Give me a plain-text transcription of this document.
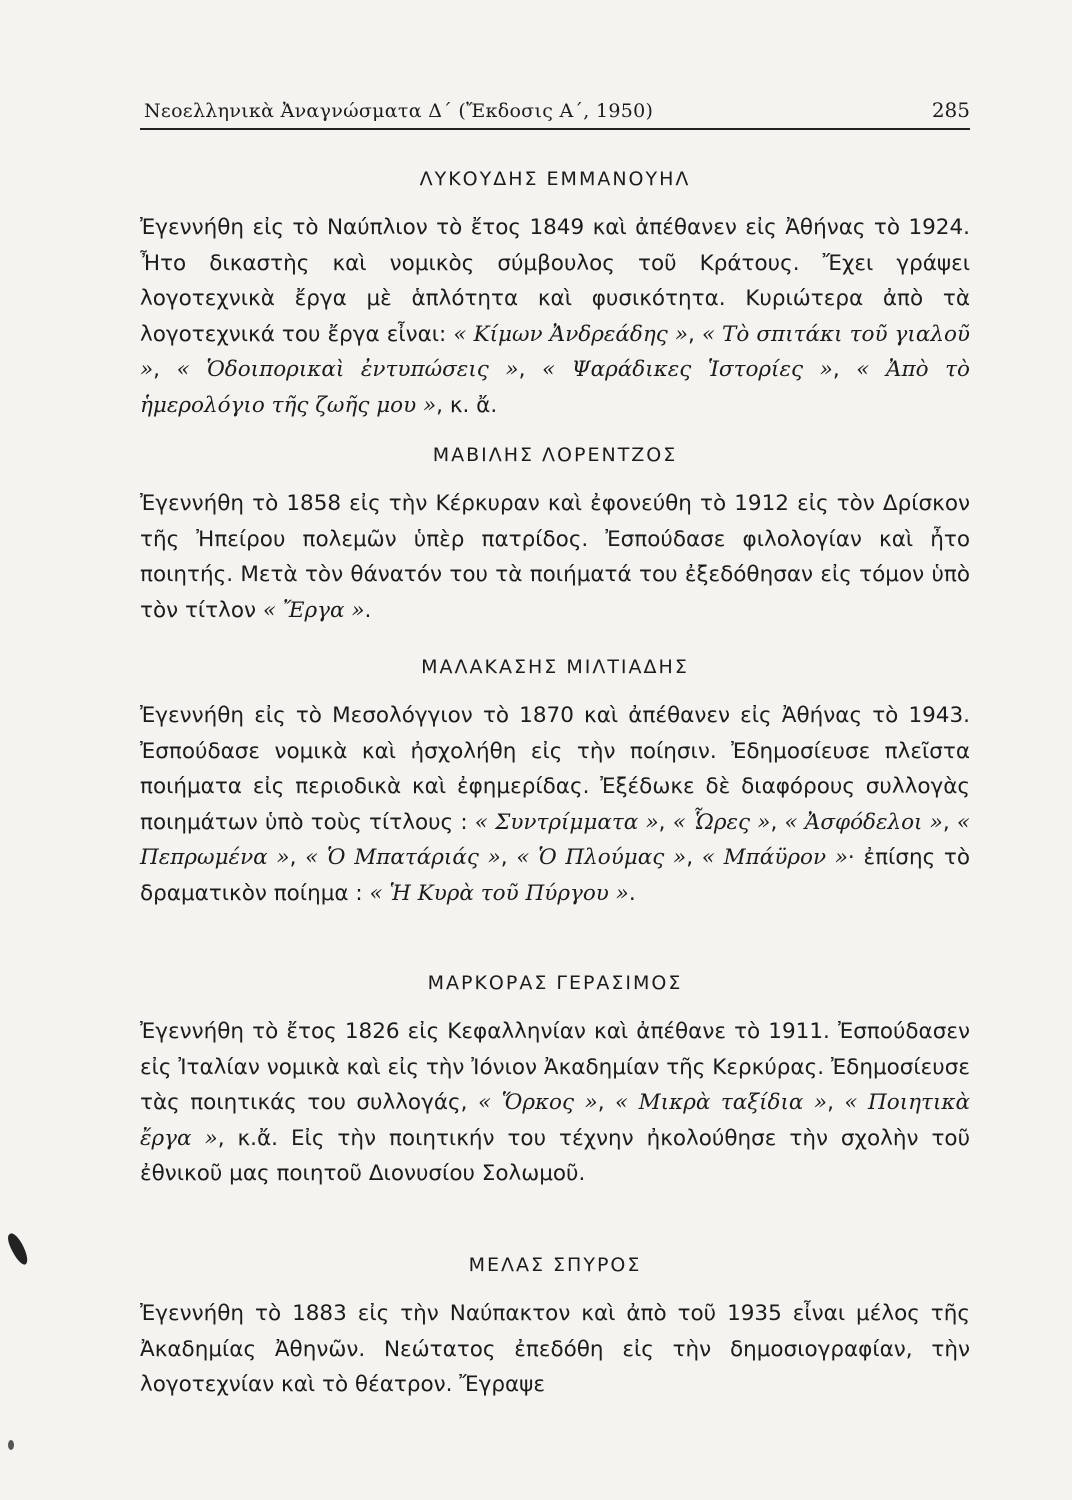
Νεοελληνικὰ Ἀναγνώσματα Δ΄ (Ἔκδοσις Α΄, 1950)	285
ΛΥΚΟΥΔΗΣ ΕΜΜΑΝΟΥΗΛ
Ἐγεννήθη εἰς τὸ Ναύπλιον τὸ ἔτος 1849 καὶ ἀπέθανεν εἰς Ἀθήνας τὸ 1924. Ἦτο δικαστὴς καὶ νομικὸς σύμβουλος τοῦ Κράτους. Ἔχει γράψει λογοτεχνικὰ ἔργα μὲ ἁπλότητα καὶ φυσικότητα. Κυριώτερα ἀπὸ τὰ λογοτεχνικά του ἔργα εἶναι: « Κίμων Ἀνδρεάδης », « Τὸ σπιτάκι τοῦ γιαλοῦ », « Ὁδοιπορικαὶ ἐντυπώσεις », « Ψαράδικες Ἱστορίες », « Ἀπὸ τὸ ἡμερολόγιο τῆς ζωῆς μου », κ. ἄ.
ΜΑΒΙΛΗΣ ΛΟΡΕΝΤΖΟΣ
Ἐγεννήθη τὸ 1858 εἰς τὴν Κέρκυραν καὶ ἐφονεύθη τὸ 1912 εἰς τὸν Δρίσκον τῆς Ἠπείρου πολεμῶν ὑπὲρ πατρίδος. Ἐσπούδασε φιλολογίαν καὶ ἦτο ποιητής. Μετὰ τὸν θάνατόν του τὰ ποιήματά του ἐξεδόθησαν εἰς τόμον ὑπὸ τὸν τίτλον « Ἔργα ».
ΜΑΛΑΚΑΣΗΣ ΜΙΛΤΙΑΔΗΣ
Ἐγεννήθη εἰς τὸ Μεσολόγγιον τὸ 1870 καὶ ἀπέθανεν εἰς Ἀθήνας τὸ 1943. Ἐσπούδασε νομικὰ καὶ ἠσχολήθη εἰς τὴν ποίησιν. Ἐδημοσίευσε πλεῖστα ποιήματα εἰς περιοδικὰ καὶ ἐφημερίδας. Ἐξέδωκε δὲ διαφόρους συλλογὰς ποιημάτων ὑπὸ τοὺς τίτλους : « Συντρίμματα », « Ὧρες », « Ἀσφόδελοι », « Πεπρωμένα », « Ὁ Μπατάριάς », « Ὁ Πλούμας », « Μπάϋρον »· ἐπίσης τὸ δραματικὸν ποίημα : « Ἡ Κυρὰ τοῦ Πύργου ».
ΜΑΡΚΟΡΑΣ ΓΕΡΑΣΙΜΟΣ
Ἐγεννήθη τὸ ἔτος 1826 εἰς Κεφαλληνίαν καὶ ἀπέθανε τὸ 1911. Ἐσπούδασεν εἰς Ἰταλίαν νομικὰ καὶ εἰς τὴν Ἰόνιον Ἀκαδημίαν τῆς Κερκύρας. Ἐδημοσίευσε τὰς ποιητικάς του συλλογάς, « Ὅρκος », « Μικρὰ ταξίδια », « Ποιητικὰ ἔργα », κ.ἄ. Εἰς τὴν ποιητικήν του τέχνην ἠκολούθησε τὴν σχολὴν τοῦ ἐθνικοῦ μας ποιητοῦ Διονυσίου Σολωμοῦ.
ΜΕΛΑΣ ΣΠΥΡΟΣ
Ἐγεννήθη τὸ 1883 εἰς τὴν Ναύπακτον καὶ ἀπὸ τοῦ 1935 εἶναι μέλος τῆς Ἀκαδημίας Ἀθηνῶν. Νεώτατος ἐπεδόθη εἰς τὴν δημοσιογραφίαν, τὴν λογοτεχνίαν καὶ τὸ θέατρον. Ἔγραψε
